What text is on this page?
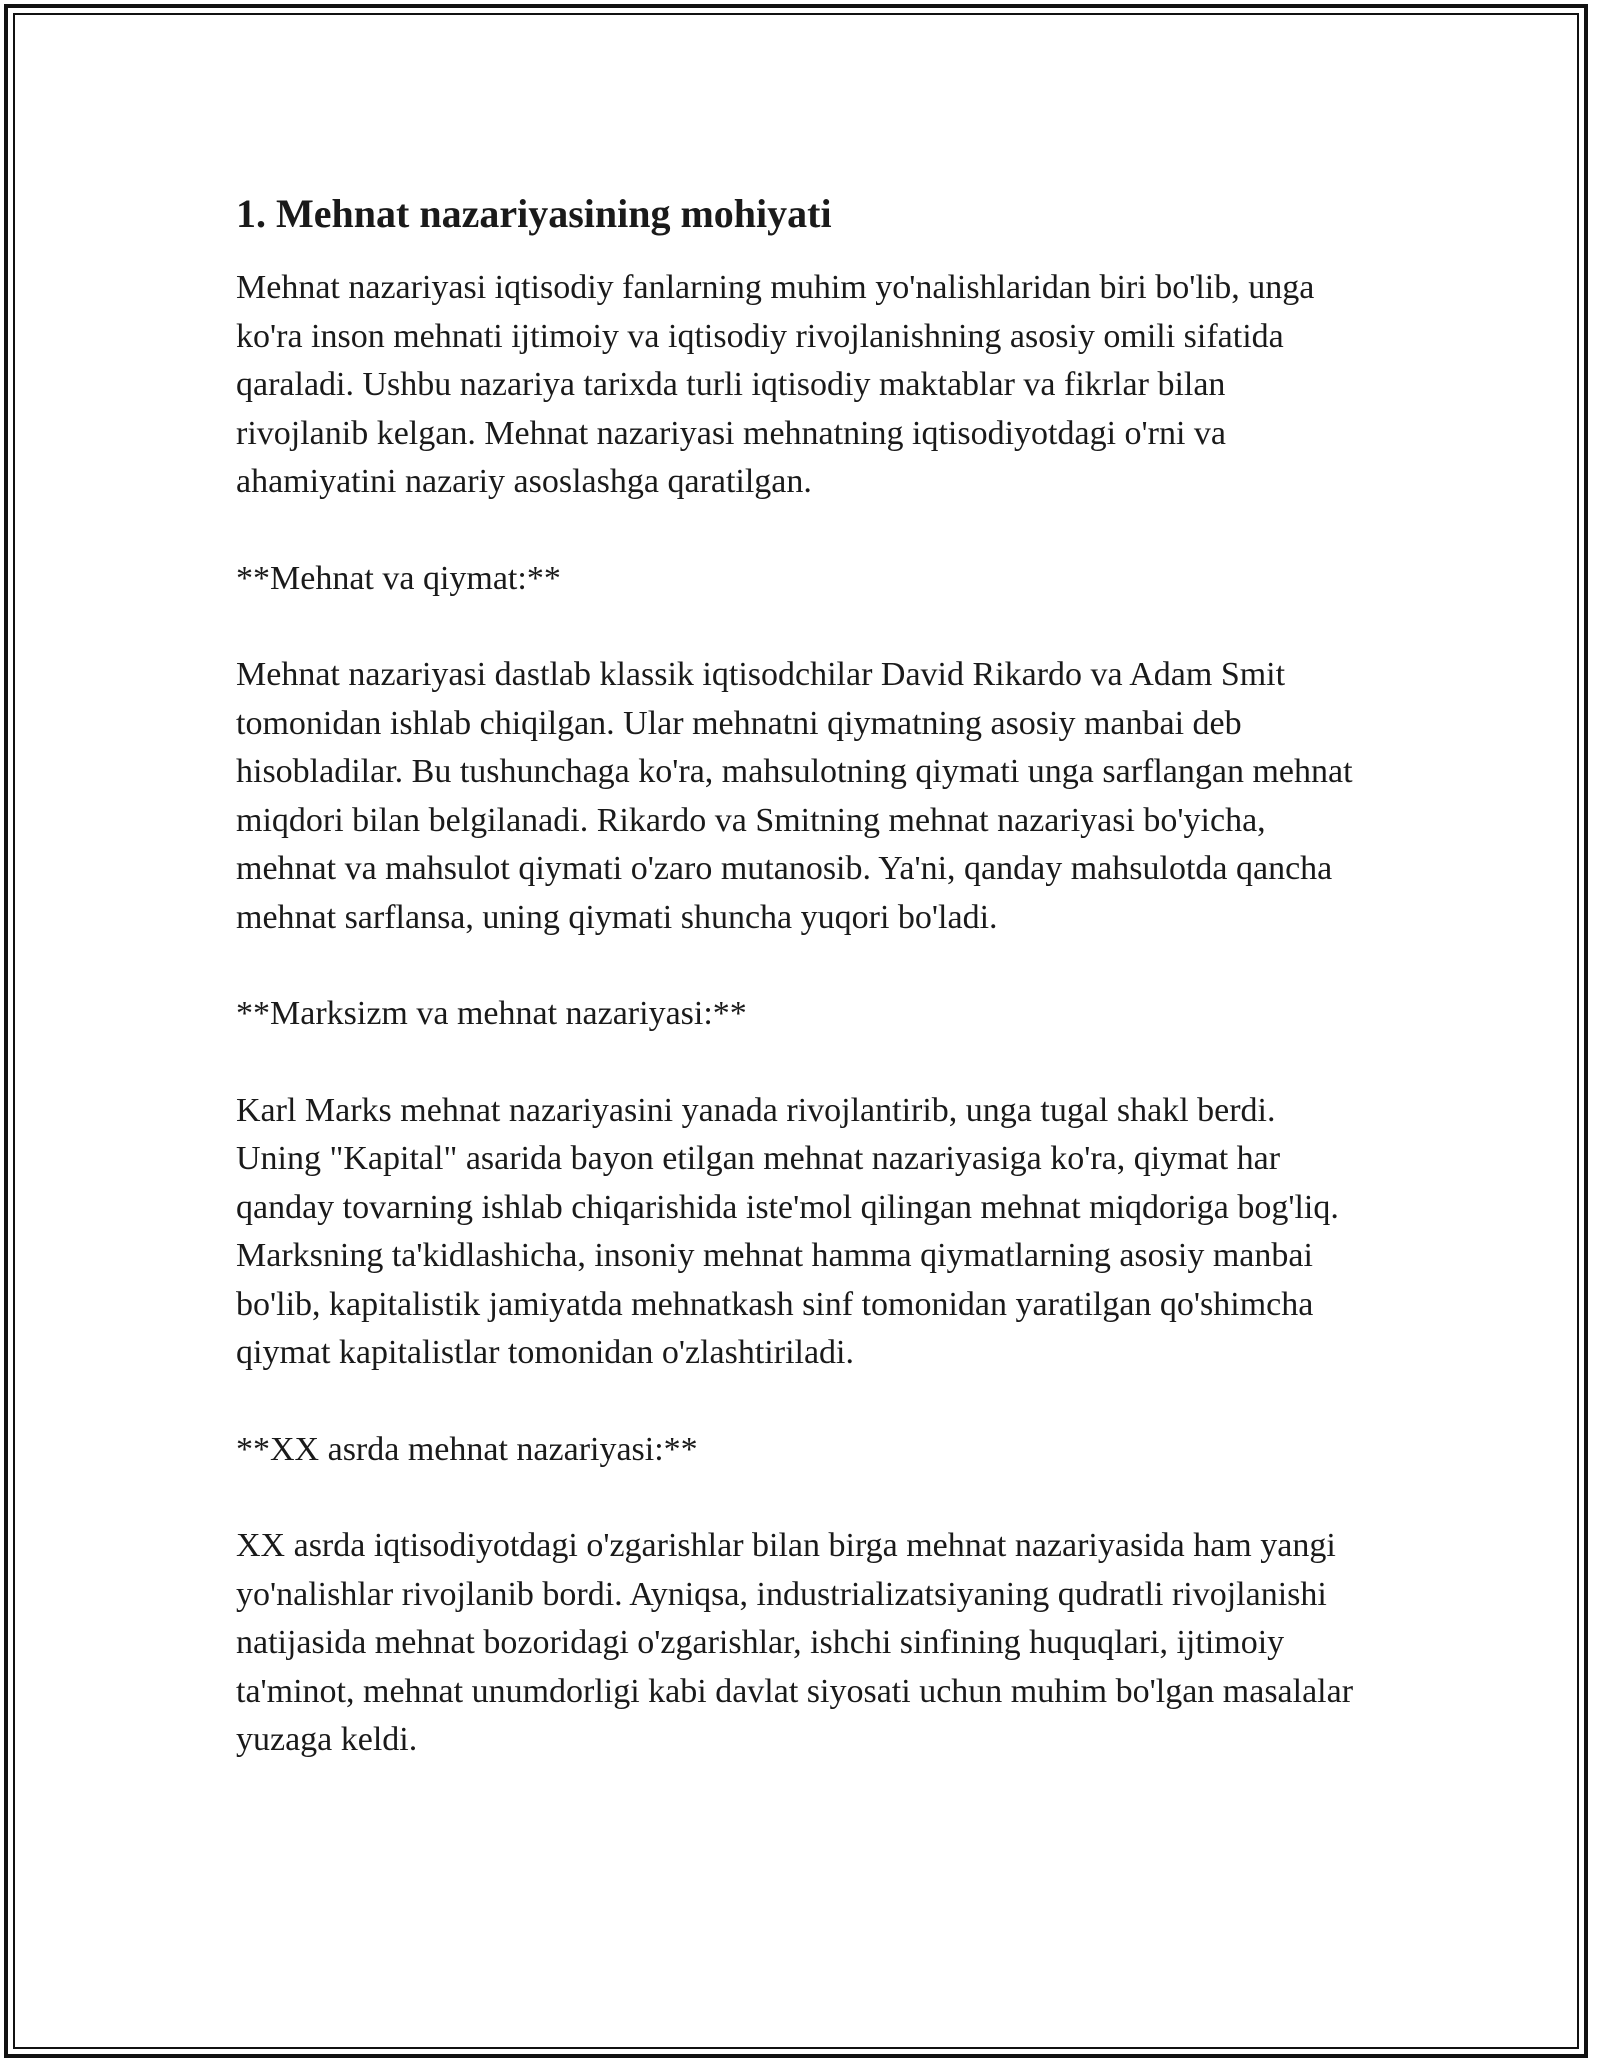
1. Mehnat nazariyasining mohiyati

Mehnat nazariyasi iqtisodiy fanlarning muhim yo'nalishlaridan biri bo'lib, unga ko'ra inson mehnati ijtimoiy va iqtisodiy rivojlanishning asosiy omili sifatida qaraladi. Ushbu nazariya tarixda turli iqtisodiy maktablar va fikrlar bilan rivojlanib kelgan. Mehnat nazariyasi mehnatning iqtisodiyotdagi o'rni va ahamiyatini nazariy asoslashga qaratilgan.

**Mehnat va qiymat:**

Mehnat nazariyasi dastlab klassik iqtisodchilar David Rikardo va Adam Smit tomonidan ishlab chiqilgan. Ular mehnatni qiymatning asosiy manbai deb hisobladilar. Bu tushunchaga ko'ra, mahsulotning qiymati unga sarflangan mehnat miqdori bilan belgilanadi. Rikardo va Smitning mehnat nazariyasi bo'yicha, mehnat va mahsulot qiymati o'zaro mutanosib. Ya'ni, qanday mahsulotda qancha mehnat sarflansa, uning qiymati shuncha yuqori bo'ladi.

**Marksizm va mehnat nazariyasi:**

Karl Marks mehnat nazariyasini yanada rivojlantirib, unga tugal shakl berdi. Uning "Kapital" asarida bayon etilgan mehnat nazariyasiga ko'ra, qiymat har qanday tovarning ishlab chiqarishida iste'mol qilingan mehnat miqdoriga bog'liq. Marksning ta'kidlashicha, insoniy mehnat hamma qiymatlarning asosiy manbai bo'lib, kapitalistik jamiyatda mehnatkash sinf tomonidan yaratilgan qo'shimcha qiymat kapitalistlar tomonidan o'zlashtiriladi.

**XX asrda mehnat nazariyasi:**

XX asrda iqtisodiyotdagi o'zgarishlar bilan birga mehnat nazariyasida ham yangi yo'nalishlar rivojlanib bordi. Ayniqsa, industrializatsiyaning qudratli rivojlanishi natijasida mehnat bozoridagi o'zgarishlar, ishchi sinfining huquqlari, ijtimoiy ta'minot, mehnat unumdorligi kabi davlat siyosati uchun muhim bo'lgan masalalar yuzaga keldi.
